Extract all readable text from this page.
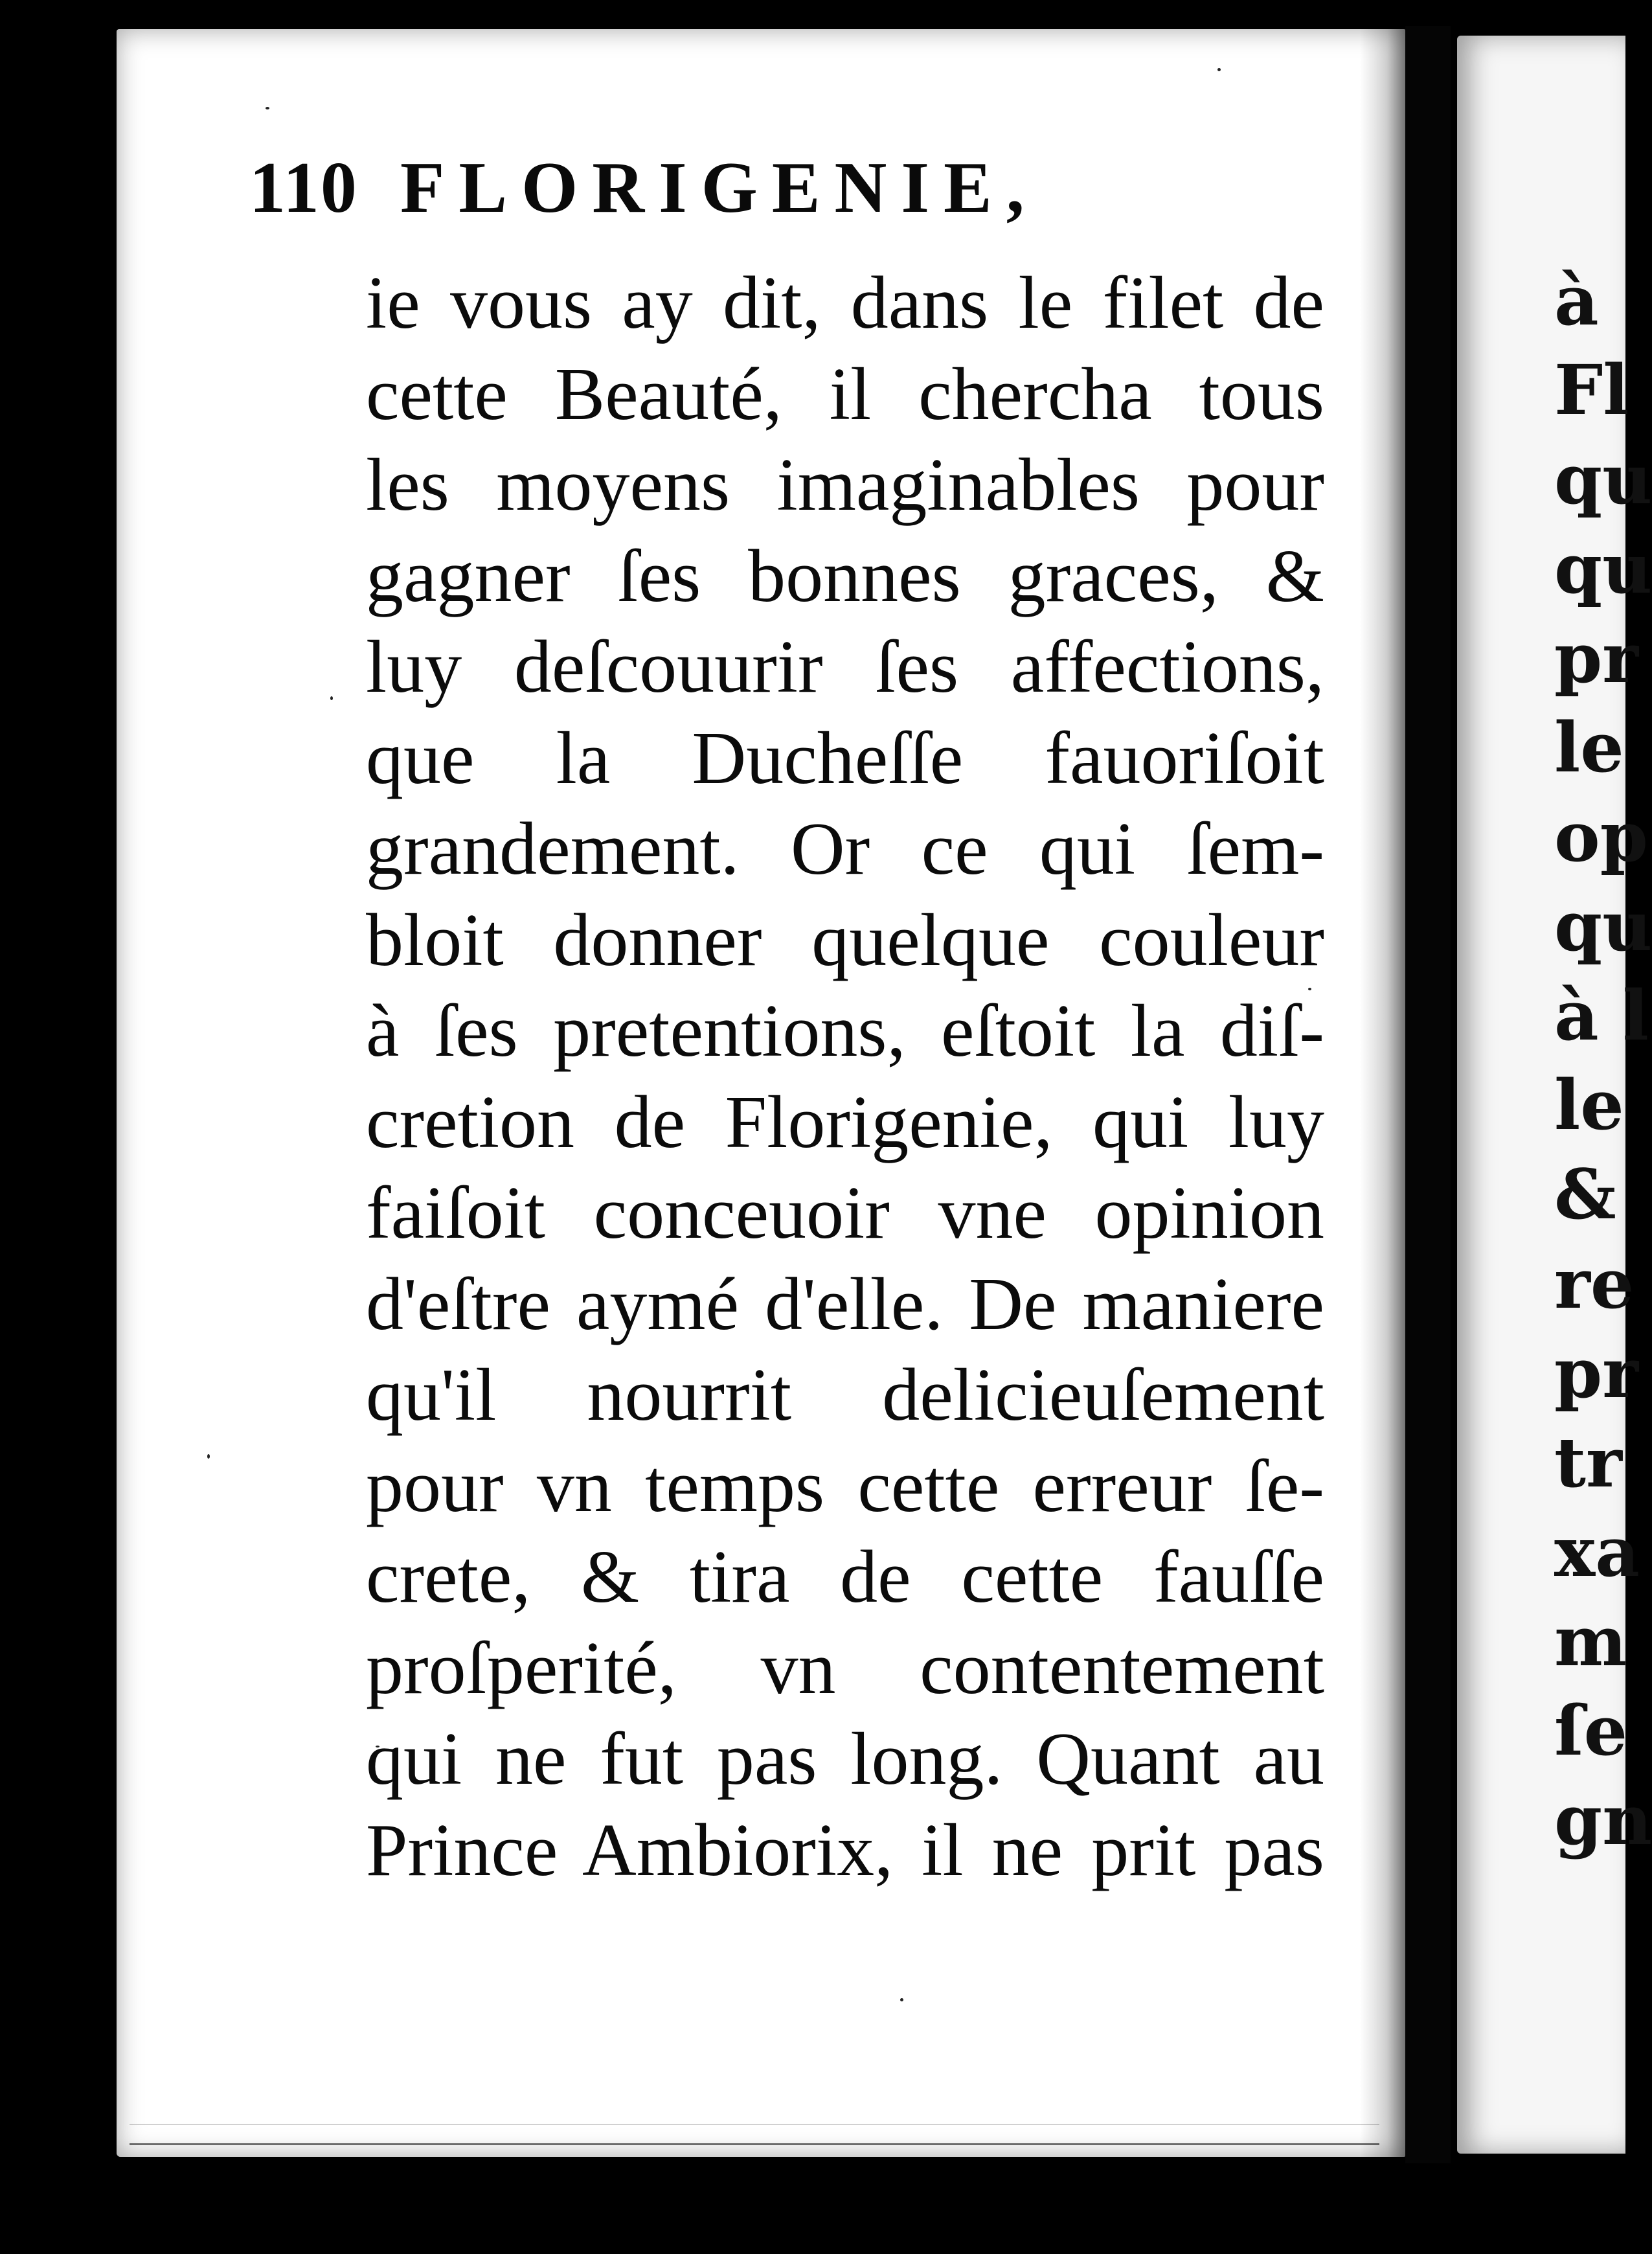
à
Fl
qu
qu
pr
le
op
qu
à l
le
&
re
pr
tr
xa
m
ſe
gn
110 FLORIGENIE,
ie vous ay dit, dans le filet de
cette Beauté, il chercha tous
les moyens imaginables pour
gagner ſes bonnes graces, &
luy deſcouurir ſes affections,
que la Ducheſſe fauoriſoit
grandement. Or ce qui ſem-
bloit donner quelque couleur
à ſes pretentions, eſtoit la diſ-
cretion de Florigenie, qui luy
faiſoit conceuoir vne opinion
d'eſtre aymé d'elle. De maniere
qu'il nourrit delicieuſement
pour vn temps cette erreur ſe-
crete, & tira de cette fauſſe
proſperité, vn contentement
qui ne fut pas long. Quant au
Prince Ambiorix, il ne prit pas
